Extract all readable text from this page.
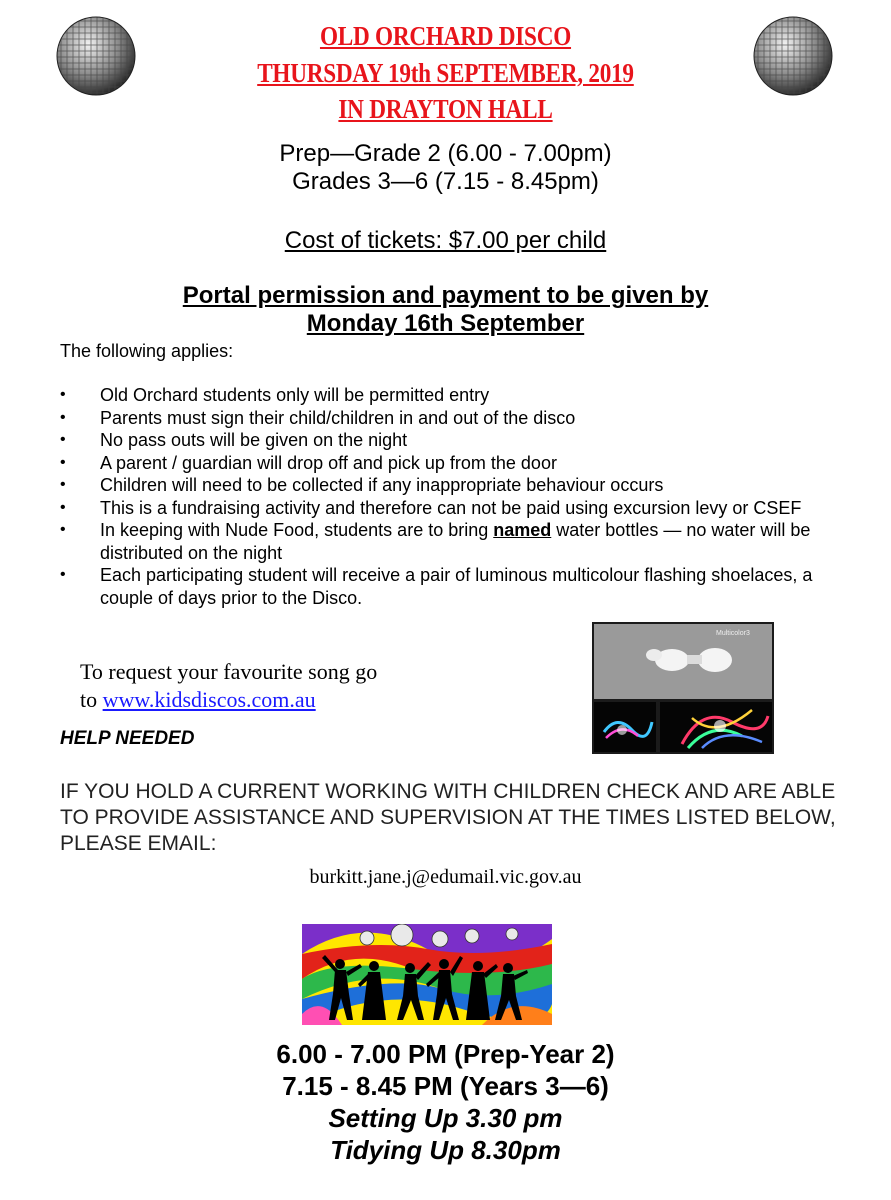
OLD ORCHARD DISCO
THURSDAY 19th SEPTEMBER, 2019
IN DRAYTON HALL
Prep—Grade 2 (6.00 - 7.00pm)
Grades 3—6 (7.15 - 8.45pm)
Cost of tickets: $7.00 per child
Portal permission and payment to be given by
Monday 16th September
The following applies:
• Old Orchard students only will be permitted entry
• Parents must sign their child/children in and out of the disco
• No pass outs will be given on the night
• A parent / guardian will drop off and pick up from the door
• Children will need to be collected if any inappropriate behaviour occurs
• This is a fundraising activity and therefore can not be paid using excursion levy or CSEF
• In keeping with Nude Food, students are to bring named water bottles — no water will be distributed on the night
• Each participating student will receive a pair of luminous multicolour flashing shoelaces, a couple of days prior to the Disco.
To request your favourite song go
to www.kidsdiscos.com.au
Multicolor3
HELP NEEDED
IF YOU HOLD A CURRENT WORKING WITH CHILDREN CHECK AND ARE ABLE TO PROVIDE ASSISTANCE AND SUPERVISION AT THE TIMES LISTED BELOW, PLEASE EMAIL:
burkitt.jane.j@edumail.vic.gov.au
6.00 - 7.00 PM (Prep-Year 2)
7.15 - 8.45 PM (Years 3—6)
Setting Up 3.30 pm
Tidying Up 8.30pm
